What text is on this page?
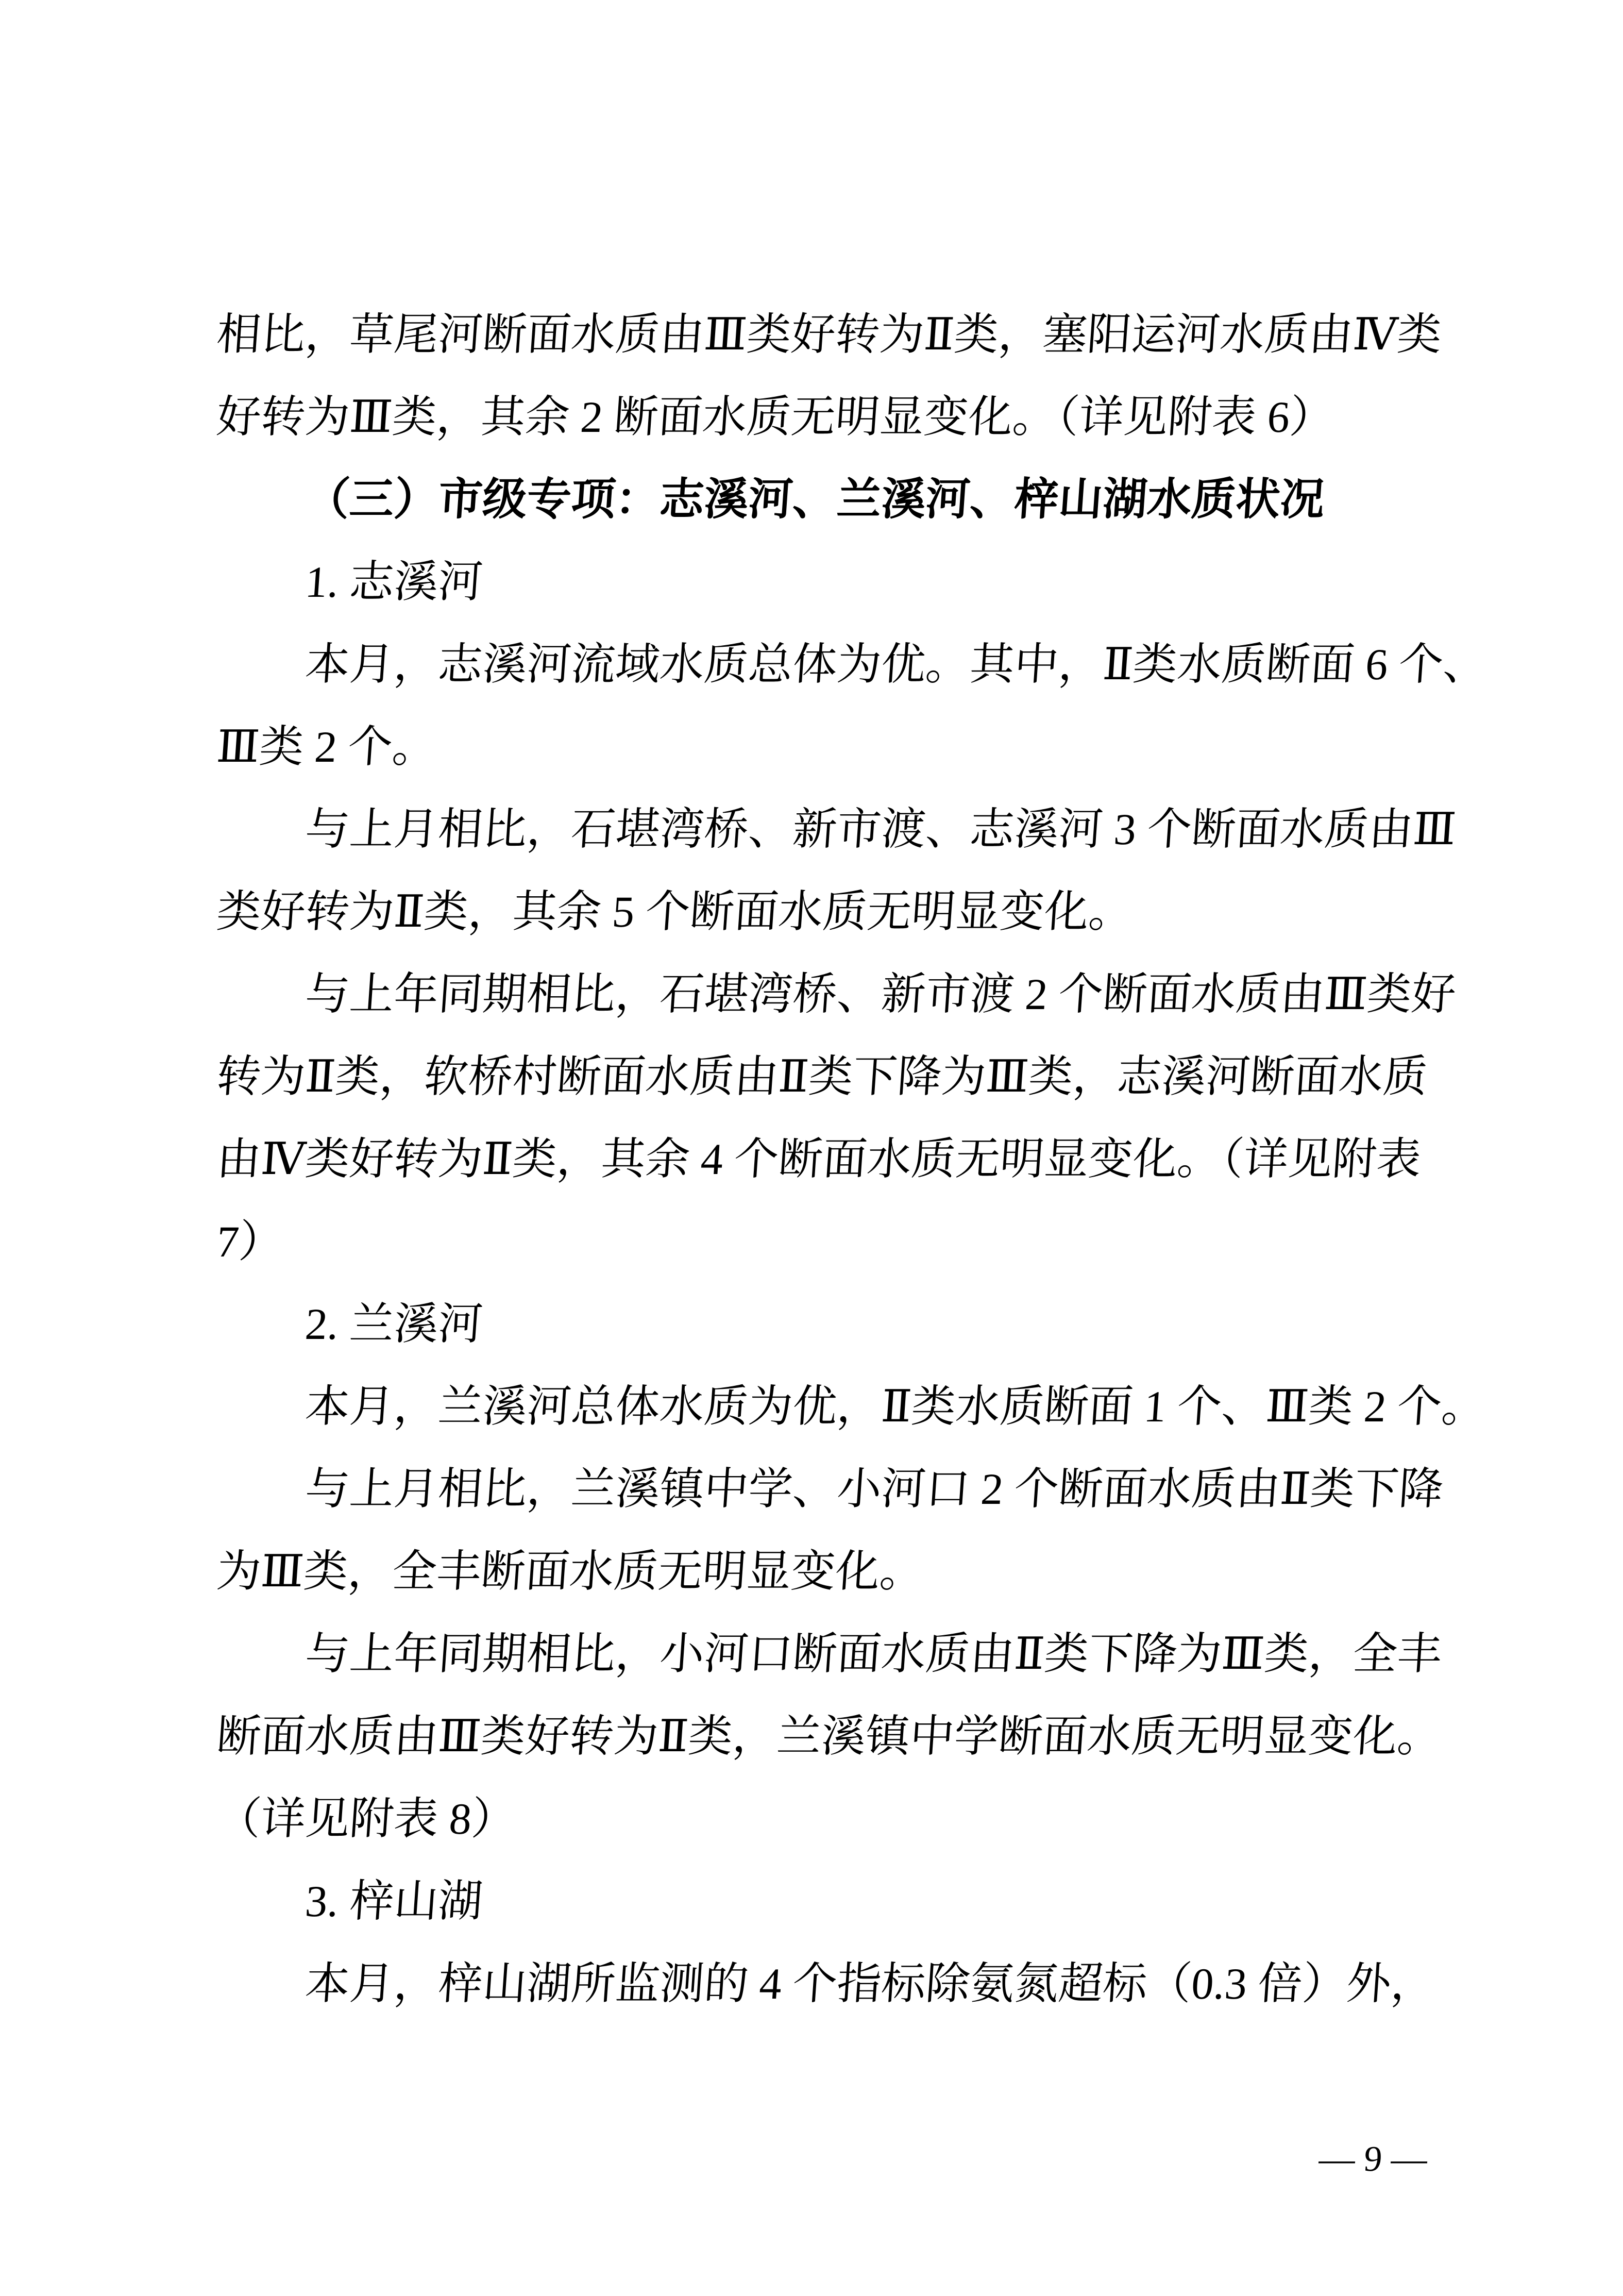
相比，草尾河断面水质由Ⅲ类好转为Ⅱ类，塞阳运河水质由Ⅳ类
好转为Ⅲ类，其余 2 断面水质无明显变化。（详见附表 6）
（三）市级专项：志溪河、兰溪河、梓山湖水质状况
1. 志溪河
本月，志溪河流域水质总体为优。其中，Ⅱ类水质断面 6 个、
Ⅲ类 2 个。
与上月相比，石堪湾桥、新市渡、志溪河 3 个断面水质由Ⅲ
类好转为Ⅱ类，其余 5 个断面水质无明显变化。
与上年同期相比，石堪湾桥、新市渡 2 个断面水质由Ⅲ类好
转为Ⅱ类，软桥村断面水质由Ⅱ类下降为Ⅲ类，志溪河断面水质
由Ⅳ类好转为Ⅱ类，其余 4 个断面水质无明显变化。（详见附表
7）
2. 兰溪河
本月，兰溪河总体水质为优，Ⅱ类水质断面 1 个、Ⅲ类 2 个。
与上月相比，兰溪镇中学、小河口 2 个断面水质由Ⅱ类下降
为Ⅲ类，全丰断面水质无明显变化。
与上年同期相比，小河口断面水质由Ⅱ类下降为Ⅲ类，全丰
断面水质由Ⅲ类好转为Ⅱ类，兰溪镇中学断面水质无明显变化。
（详见附表 8）
3. 梓山湖
本月，梓山湖所监测的 4 个指标除氨氮超标（0.3 倍）外，
— 9 —
